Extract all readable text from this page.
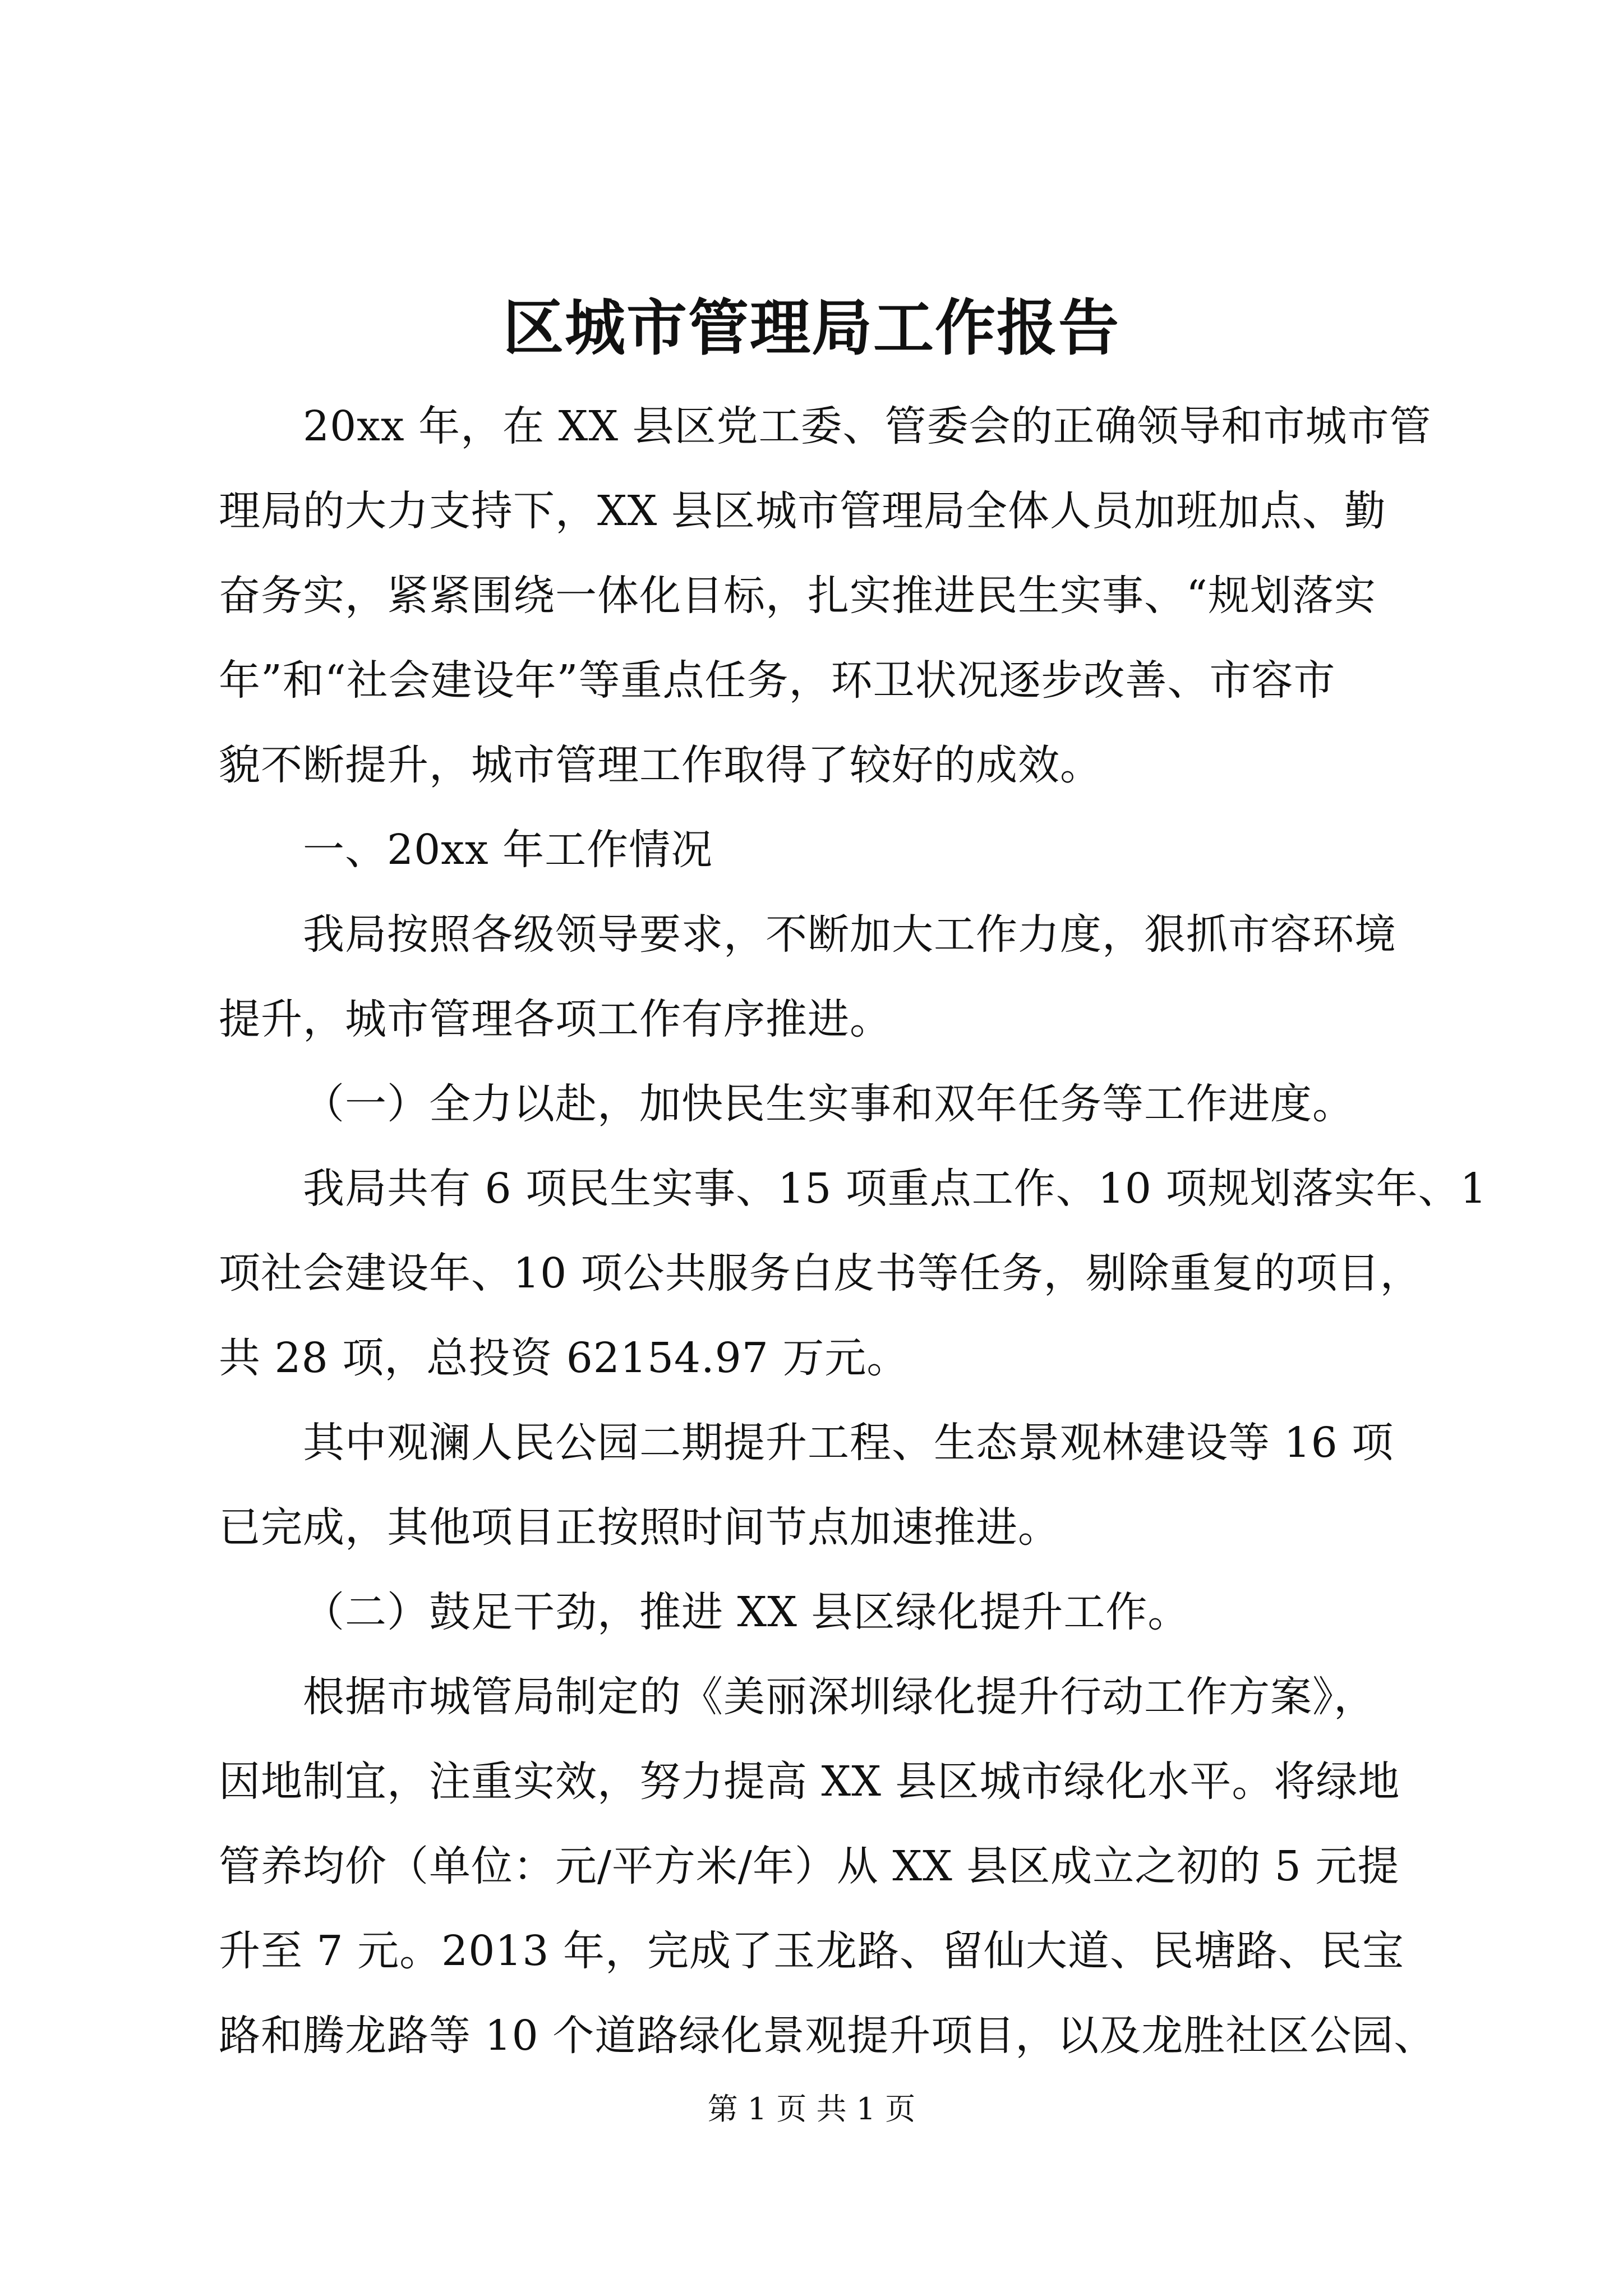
区城市管理局工作报告
20xx 年，在 XX 县区党工委、管委会的正确领导和市城市管
理局的大力支持下，XX 县区城市管理局全体人员加班加点、勤
奋务实，紧紧围绕一体化目标，扎实推进民生实事、“规划落实
年”和“社会建设年”等重点任务，环卫状况逐步改善、市容市
貌不断提升，城市管理工作取得了较好的成效。
一、20xx 年工作情况
我局按照各级领导要求，不断加大工作力度，狠抓市容环境
提升，城市管理各项工作有序推进。
（一）全力以赴，加快民生实事和双年任务等工作进度。
我局共有 6 项民生实事、15 项重点工作、10 项规划落实年、1
项社会建设年、10 项公共服务白皮书等任务，剔除重复的项目，
共 28 项，总投资 62154.97 万元。
其中观澜人民公园二期提升工程、生态景观林建设等 16 项
已完成，其他项目正按照时间节点加速推进。
（二）鼓足干劲，推进 XX 县区绿化提升工作。
根据市城管局制定的《美丽深圳绿化提升行动工作方案》，
因地制宜，注重实效，努力提高 XX 县区城市绿化水平。将绿地
管养均价（单位：元/平方米/年）从 XX 县区成立之初的 5 元提
升至 7 元。2013 年，完成了玉龙路、留仙大道、民塘路、民宝
路和腾龙路等 10 个道路绿化景观提升项目，以及龙胜社区公园、
第 1 页 共 1 页
